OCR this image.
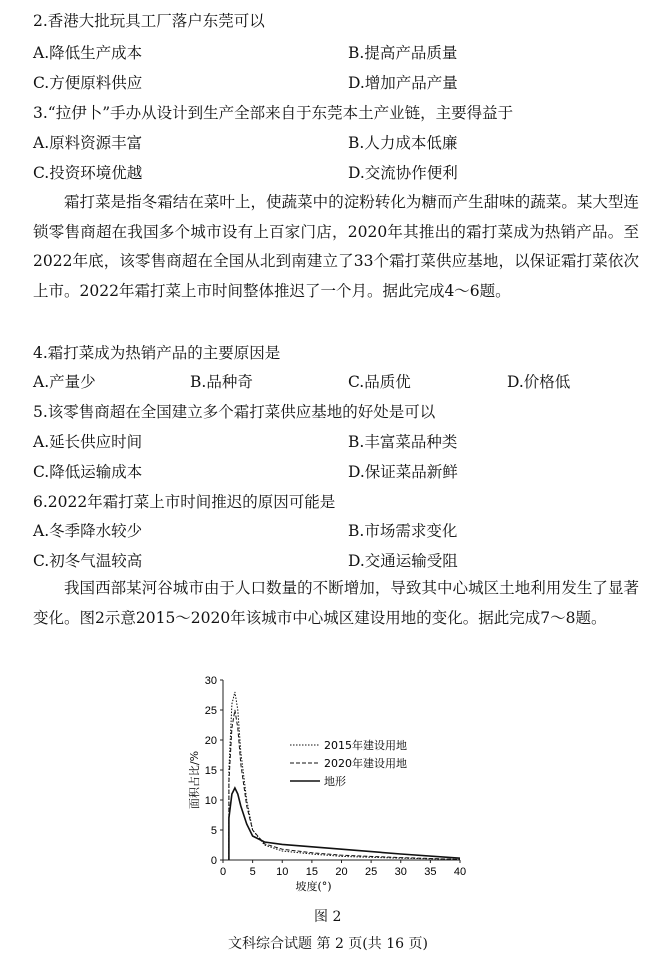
2.香港大批玩具工厂落户东莞可以
A.降低生产成本	B.提高产品质量
C.方便原料供应	D.增加产品产量
3.“拉伊卜”手办从设计到生产全部来自于东莞本土产业链，主要得益于
A.原料资源丰富	B.人力成本低廉
C.投资环境优越	D.交流协作便利
霜打菜是指冬霜结在菜叶上，使蔬菜中的淀粉转化为糖而产生甜味的蔬菜。某大型连锁零售商超在我国多个城市设有上百家门店，2020年其推出的霜打菜成为热销产品。至2022年底，该零售商超在全国从北到南建立了33个霜打菜供应基地，以保证霜打菜依次上市。2022年霜打菜上市时间整体推迟了一个月。据此完成4～6题。
4.霜打菜成为热销产品的主要原因是
A.产量少	B.品种奇	C.品质优	D.价格低
5.该零售商超在全国建立多个霜打菜供应基地的好处是可以
A.延长供应时间	B.丰富菜品种类
C.降低运输成本	D.保证菜品新鲜
6.2022年霜打菜上市时间推迟的原因可能是
A.冬季降水较少	B.市场需求变化
C.初冬气温较高	D.交通运输受阻
我国西部某河谷城市由于人口数量的不断增加，导致其中心城区土地利用发生了显著变化。图2示意2015～2020年该城市中心城区建设用地的变化。据此完成7～8题。
0 5 10 15 20 25 30 35 40
0
5
10
15
20
25
30
坡度(°)
面积占比/%
2015年建设用地
2020年建设用地
地形
图 2
文科综合试题 第 2 页(共 16 页)
